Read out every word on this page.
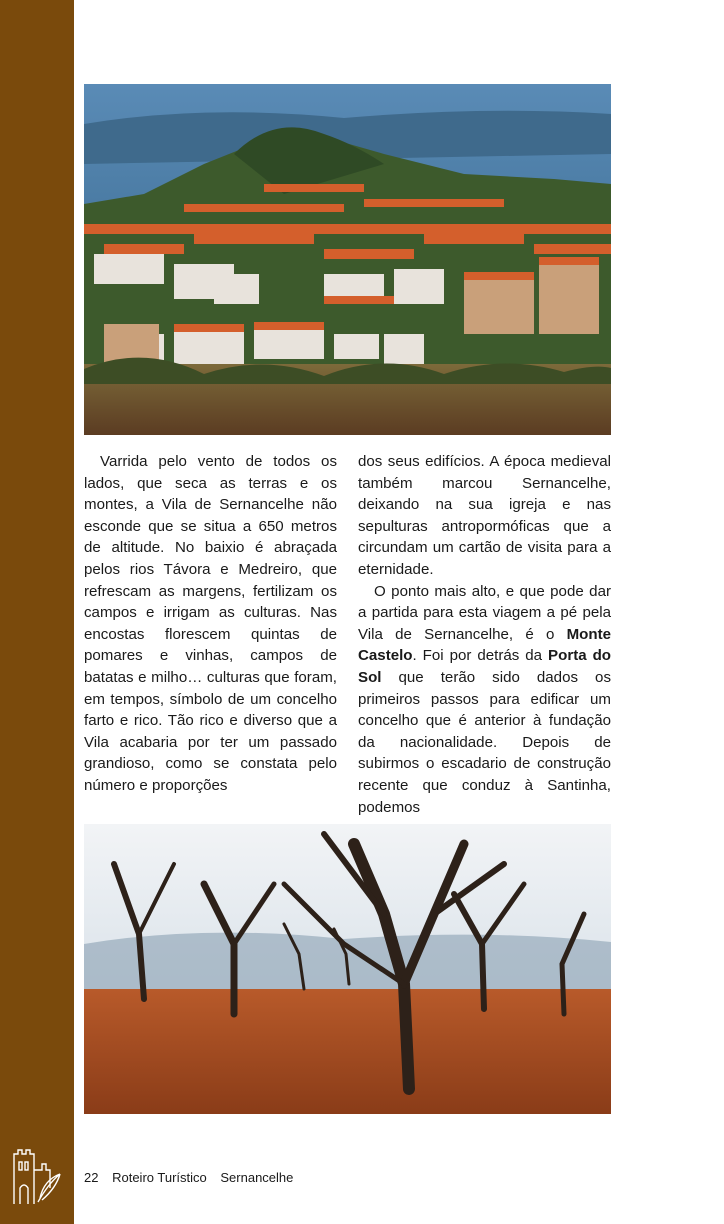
Varrida pelo vento de todos os lados, que seca as terras e os montes, a Vila de Sernancelhe não esconde que se situa a 650 metros de altitude. No baixio é abraçada pelos rios Távora e Medreiro, que refrescam as margens, fertilizam os campos e irrigam as culturas. Nas encostas florescem quintas de pomares e vinhas, campos de batatas e milho… culturas que foram, em tempos, símbolo de um concelho farto e rico. Tão rico e diverso que a Vila acabaria por ter um passado grandioso, como se constata pelo número e proporções

dos seus edifícios. A época medieval também marcou Sernancelhe, deixando na sua igreja e nas sepulturas antropormóficas que a circundam um cartão de visita para a eternidade.

O ponto mais alto, e que pode dar a partida para esta viagem a pé pela Vila de Sernancelhe, é o Monte Castelo. Foi por detrás da Porta do Sol que terão sido dados os primeiros passos para edificar um concelho que é anterior à fundação da nacionalidade. Depois de subirmos o escadario de construção recente que conduz à Santinha, podemos

22 Roteiro Turístico Sernancelhe
